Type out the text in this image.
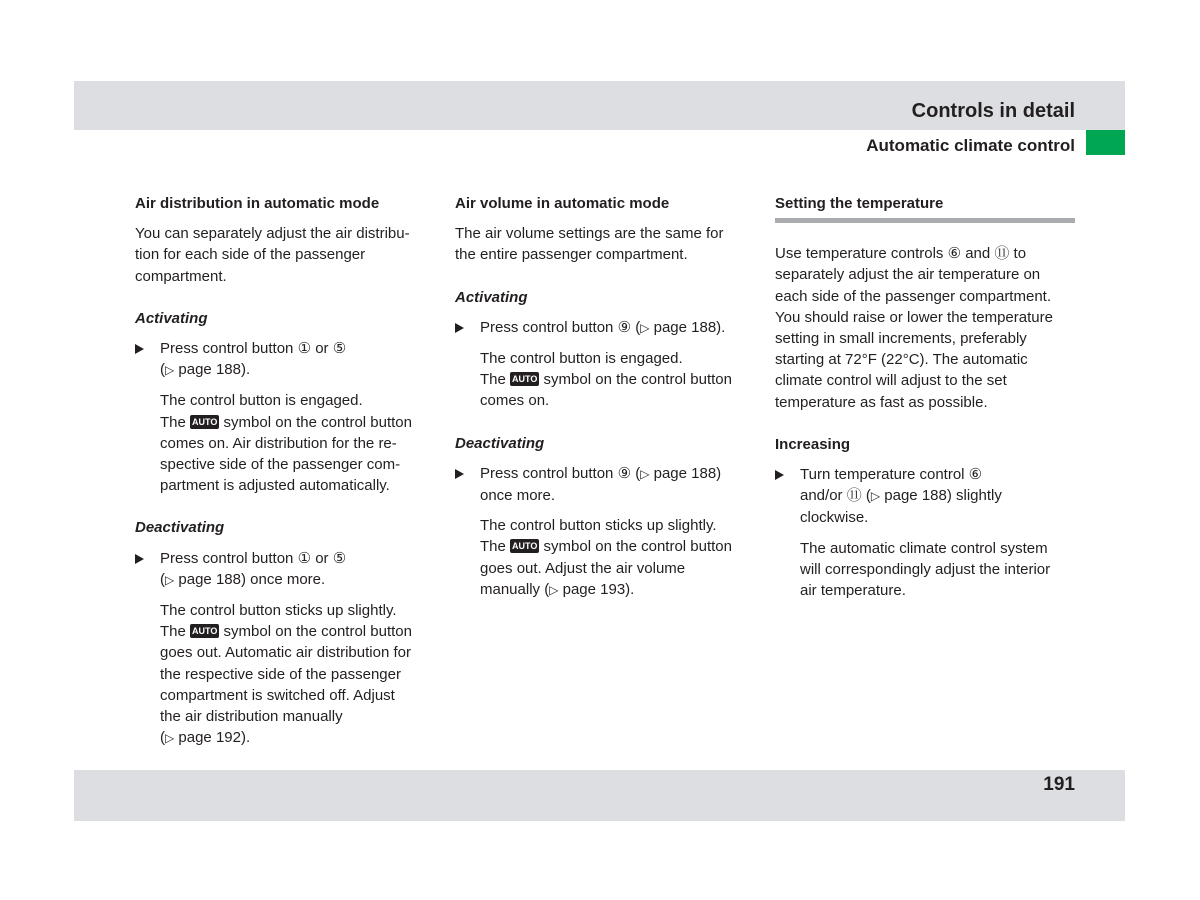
Controls in detail
Automatic climate control

Air distribution in automatic mode

You can separately adjust the air distribu-

tion for each side of the passenger

compartment.

Activating

Press control button ① or ⑤

(▷ page 188).

The control button is engaged.

The AUTO symbol on the control button

comes on. Air distribution for the re-

spective side of the passenger com-

partment is adjusted automatically.

Deactivating

Press control button ① or ⑤

(▷ page 188) once more.

The control button sticks up slightly.

The AUTO symbol on the control button

goes out. Automatic air distribution for

the respective side of the passenger

compartment is switched off. Adjust

the air distribution manually

(▷ page 192).

Air volume in automatic mode

The air volume settings are the same for

the entire passenger compartment.

Activating

Press control button ⑨ (▷ page 188).

The control button is engaged.

The AUTO symbol on the control button

comes on.

Deactivating

Press control button ⑨ (▷ page 188)

once more.

The control button sticks up slightly.

The AUTO symbol on the control button

goes out. Adjust the air volume

manually (▷ page 193).

Setting the temperature

Use temperature controls ⑥ and ⑪ to

separately adjust the air temperature on

each side of the passenger compartment.

You should raise or lower the temperature

setting in small increments, preferably

starting at 72°F (22°C). The automatic

climate control will adjust to the set

temperature as fast as possible.

Increasing

Turn temperature control ⑥

and/or ⑪ (▷ page 188) slightly

clockwise.

The automatic climate control system

will correspondingly adjust the interior

air temperature.

191
